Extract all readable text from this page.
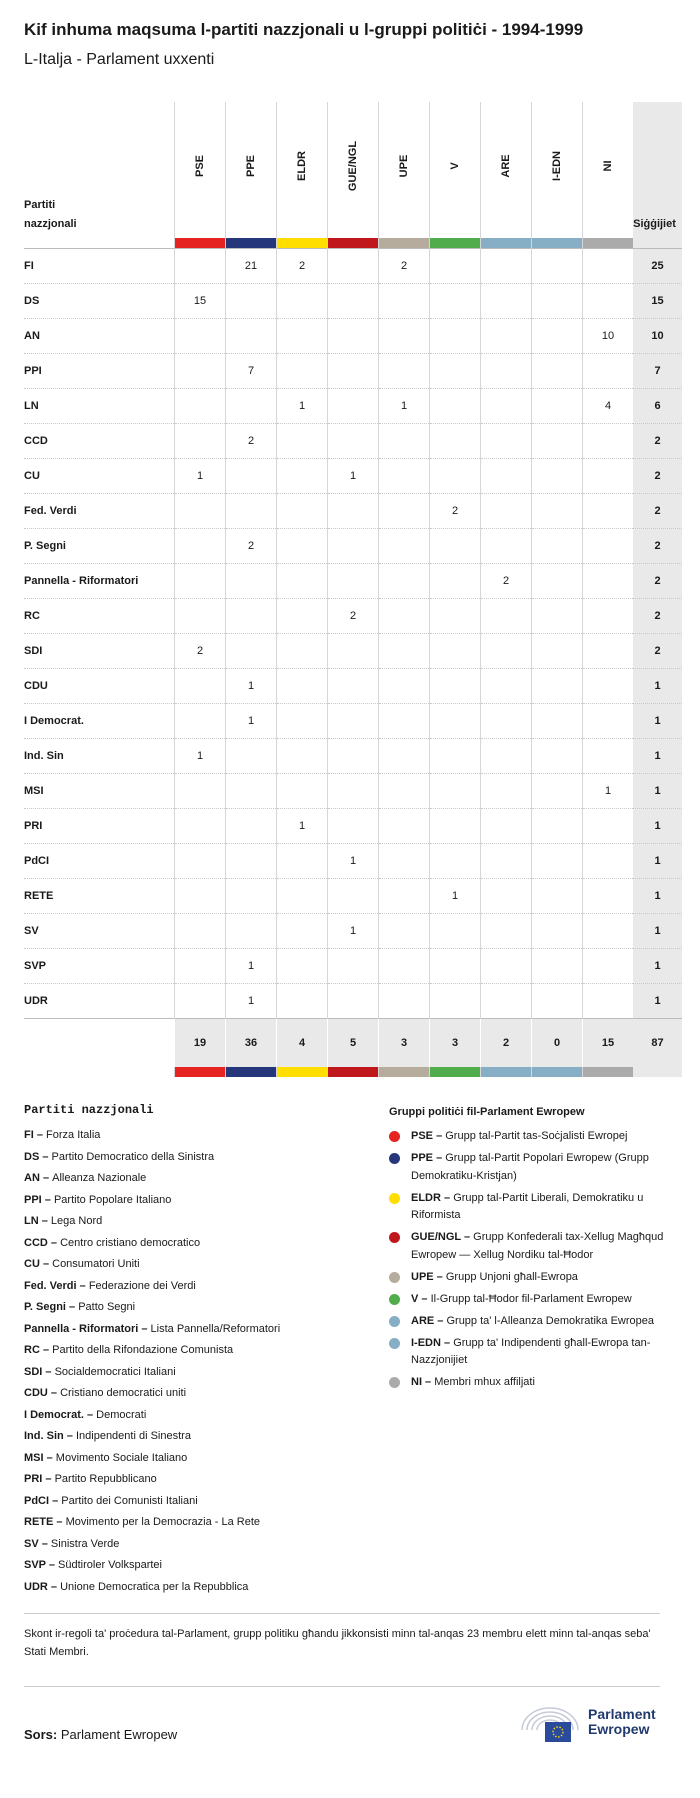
Kif inhuma maqsuma l-partiti nazzjonali u l-gruppi politiċi - 1994-1999
L-Italja - Parlament uxxenti
Partiti nazzjonali	PSE	PPE	ELDR	GUE/NGL	UPE	V	ARE	I-EDN	NI	Siġġijiet

FI		21	2		2					25
DS	15									15
AN									10	10
PPI		7								7
LN			1		1				4	6
CCD		2								2
CU	1			1						2
Fed. Verdi						2				2
P. Segni		2								2
Pannella - Riformatori							2			2
RC				2						2
SDI	2									2
CDU		1								1
I Democrat.		1								1
Ind. Sin	1									1
MSI									1	1
PRI			1							1
PdCI				1						1
RETE						1				1
SV				1						1
SVP		1								1
UDR		1								1
	19	36	4	5	3	3	2	0	15	87

Partiti nazzjonali
FI – Forza Italia
DS – Partito Democratico della Sinistra
AN – Alleanza Nazionale
PPI – Partito Popolare Italiano
LN – Lega Nord
CCD – Centro cristiano democratico
CU – Consumatori Uniti
Fed. Verdi – Federazione dei Verdi
P. Segni – Patto Segni
Pannella - Riformatori – Lista Pannella/Reformatori
RC – Partito della Rifondazione Comunista
SDI – Socialdemocratici Italiani
CDU – Cristiano democratici uniti
I Democrat. – Democrati
Ind. Sin – Indipendenti di Sinestra
MSI – Movimento Sociale Italiano
PRI – Partito Repubblicano
PdCI – Partito dei Comunisti Italiani
RETE – Movimento per la Democrazia - La Rete
SV – Sinistra Verde
SVP – Südtiroler Volkspartei
UDR – Unione Democratica per la Repubblica
Gruppi politiċi fil-Parlament Ewropew
PSE – Grupp tal-Partit tas-Soċjalisti Ewropej
PPE – Grupp tal-Partit Popolari Ewropew (Grupp Demokratiku-Kristjan)
ELDR – Grupp tal-Partit Liberali, Demokratiku u Riformista
GUE/NGL – Grupp Konfederali tax-Xellug Magħqud Ewropew — Xellug Nordiku tal-Ħodor
UPE – Grupp Unjoni għall-Ewropa
V – Il-Grupp tal-Ħodor fil-Parlament Ewropew
ARE – Grupp ta' l-Alleanza Demokratika Ewropea
I-EDN – Grupp ta' Indipendenti għall-Ewropa tan-Nazzjonijiet
NI – Membri mhux affiljati

Skont ir-regoli ta' proċedura tal-Parlament, grupp politiku għandu jikkonsisti minn tal-anqas 23 membru elett minn tal-anqas seba' Stati Membri.

Sors: Parlament Ewropew

Parlament
Ewropew
